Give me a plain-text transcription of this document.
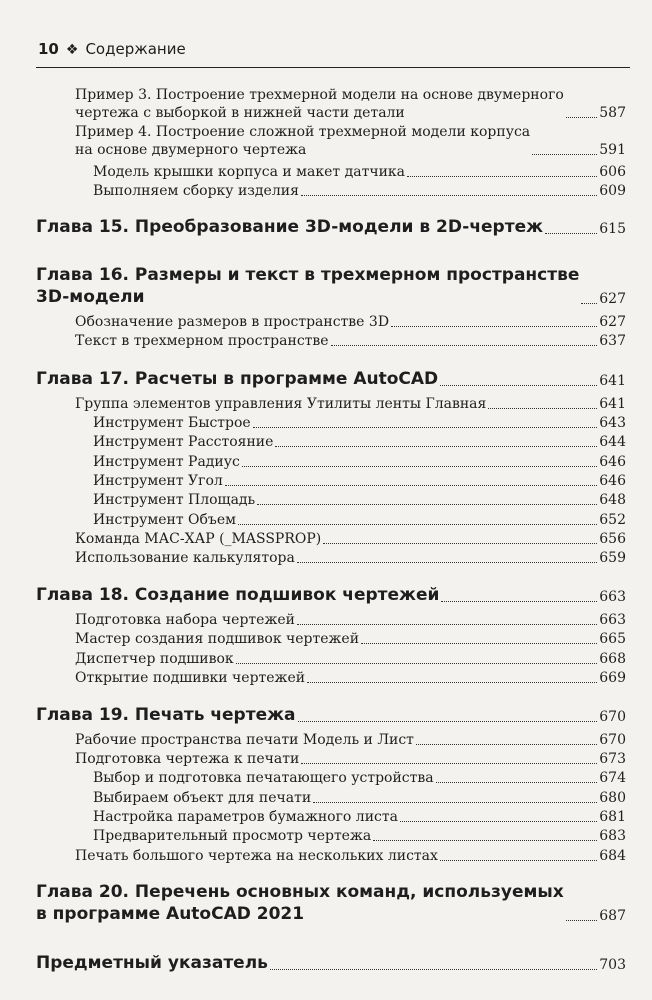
10 ❖ Содержание
Пример 3. Построение трехмерной модели на основе двумерного
чертежа с выборкой в нижней части детали	587
Пример 4. Построение сложной трехмерной модели корпуса
на основе двумерного чертежа	591
Модель крышки корпуса и макет датчика	606
Выполняем сборку изделия	609
Глава 15. Преобразование 3D-модели в 2D-чертеж	615
Глава 16. Размеры и текст в трехмерном пространстве
3D-модели	627
Обозначение размеров в пространстве 3D	627
Текст в трехмерном пространстве	637
Глава 17. Расчеты в программе AutoCAD	641
Группа элементов управления Утилиты ленты Главная	641
Инструмент Быстрое	643
Инструмент Расстояние	644
Инструмент Радиус	646
Инструмент Угол	646
Инструмент Площадь	648
Инструмент Объем	652
Команда МАС-ХАР (_MASSPROP)	656
Использование калькулятора	659
Глава 18. Создание подшивок чертежей	663
Подготовка набора чертежей	663
Мастер создания подшивок чертежей	665
Диспетчер подшивок	668
Открытие подшивки чертежей	669
Глава 19. Печать чертежа	670
Рабочие пространства печати Модель и Лист	670
Подготовка чертежа к печати	673
Выбор и подготовка печатающего устройства	674
Выбираем объект для печати	680
Настройка параметров бумажного листа	681
Предварительный просмотр чертежа	683
Печать большого чертежа на нескольких листах	684
Глава 20. Перечень основных команд, используемых
в программе AutoCAD 2021	687
Предметный указатель	703
